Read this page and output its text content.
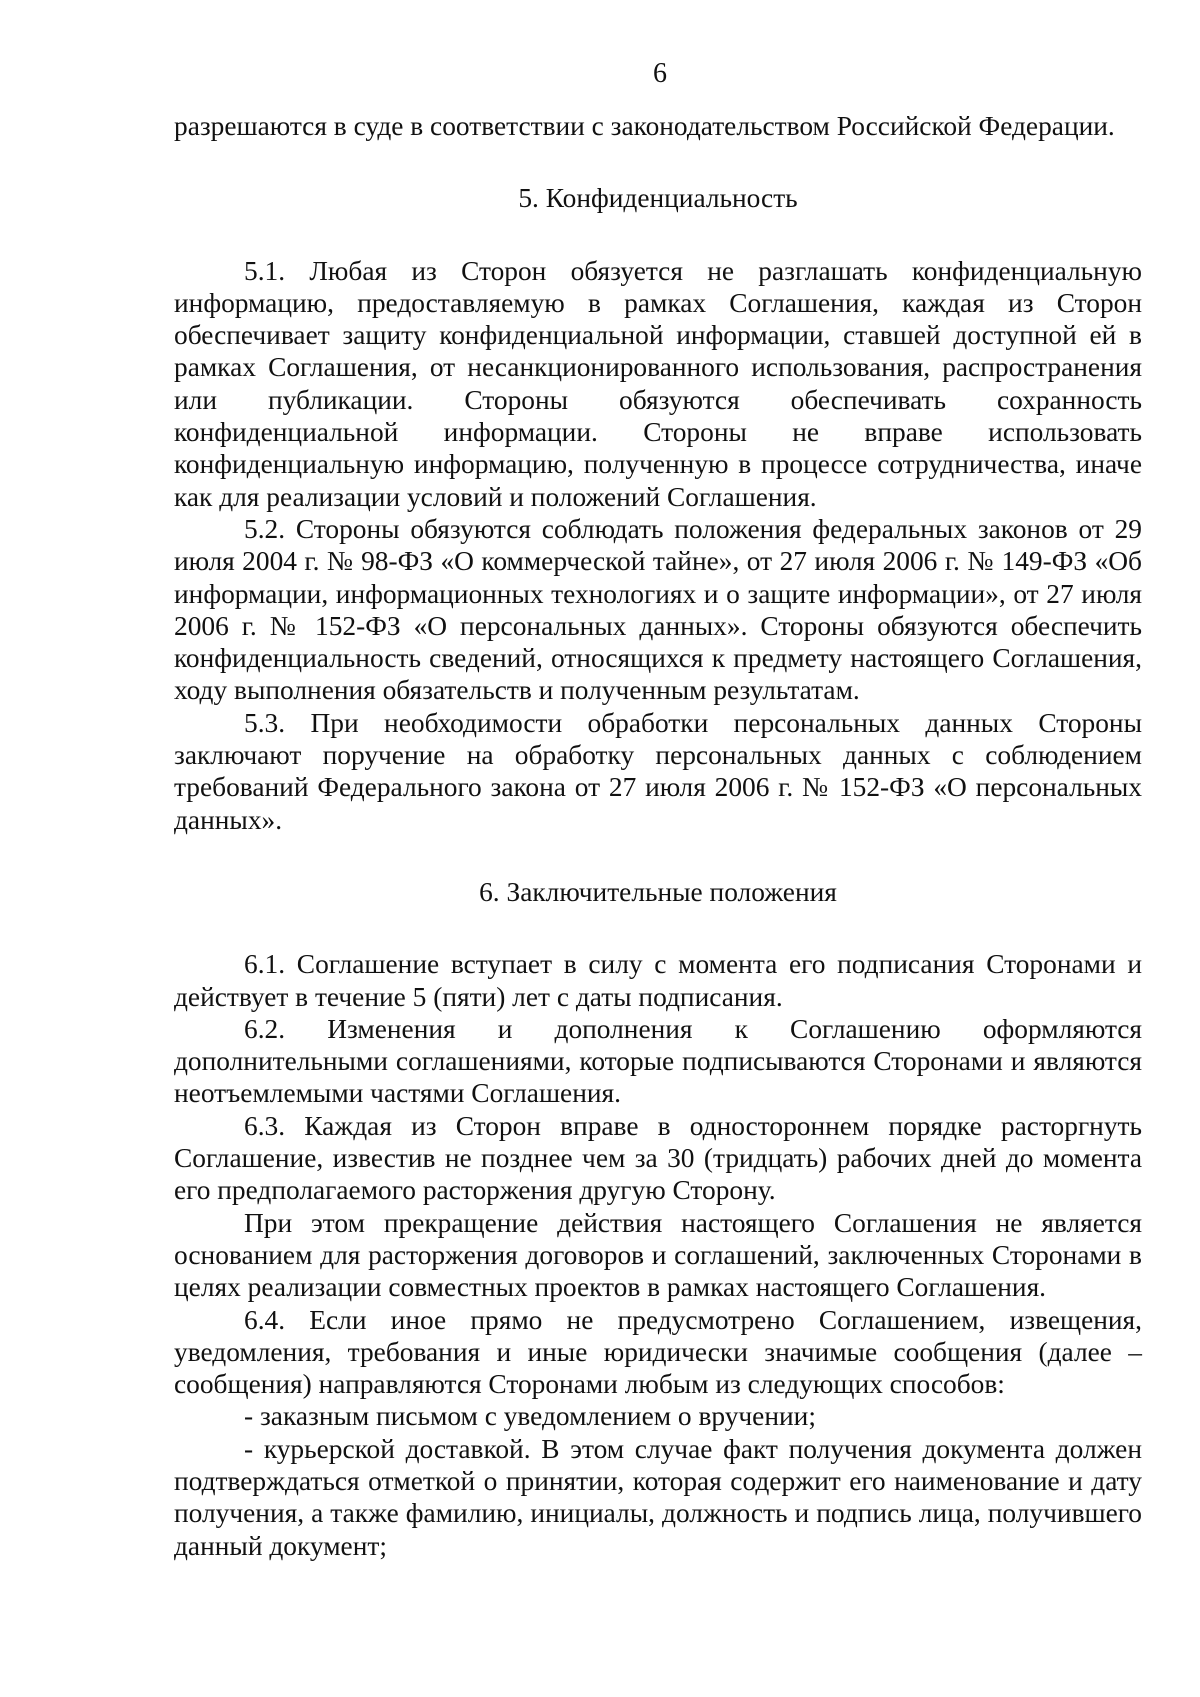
6

разрешаются в суде в соответствии с законодательством Российской Федерации.

5. Конфиденциальность

5.1. Любая из Сторон обязуется не разглашать конфиденциальную информацию, предоставляемую в рамках Соглашения, каждая из Сторон обеспечивает защиту конфиденциальной информации, ставшей доступной ей в рамках Соглашения, от несанкционированного использования, распространения или публикации. Стороны обязуются обеспечивать сохранность конфиденциальной информации. Стороны не вправе использовать конфиденциальную информацию, полученную в процессе сотрудничества, иначе как для реализации условий и положений Соглашения.

5.2. Стороны обязуются соблюдать положения федеральных законов от 29 июля 2004 г. № 98-ФЗ «О коммерческой тайне», от 27 июля 2006 г. № 149-ФЗ «Об информации, информационных технологиях и о защите информации», от 27 июля 2006 г. № 152-ФЗ «О персональных данных». Стороны обязуются обеспечить конфиденциальность сведений, относящихся к предмету настоящего Соглашения, ходу выполнения обязательств и полученным результатам.

5.3. При необходимости обработки персональных данных Стороны заключают поручение на обработку персональных данных с соблюдением требований Федерального закона от 27 июля 2006 г. № 152-ФЗ «О персональных данных».

6. Заключительные положения

6.1. Соглашение вступает в силу с момента его подписания Сторонами и действует в течение 5 (пяти) лет с даты подписания.

6.2. Изменения и дополнения к Соглашению оформляются дополнительными соглашениями, которые подписываются Сторонами и являются неотъемлемыми частями Соглашения.

6.3. Каждая из Сторон вправе в одностороннем порядке расторгнуть Соглашение, известив не позднее чем за 30 (тридцать) рабочих дней до момента его предполагаемого расторжения другую Сторону.

При этом прекращение действия настоящего Соглашения не является основанием для расторжения договоров и соглашений, заключенных Сторонами в целях реализации совместных проектов в рамках настоящего Соглашения.

6.4. Если иное прямо не предусмотрено Соглашением, извещения, уведомления, требования и иные юридически значимые сообщения (далее – сообщения) направляются Сторонами любым из следующих способов:

- заказным письмом с уведомлением о вручении;

- курьерской доставкой. В этом случае факт получения документа должен подтверждаться отметкой о принятии, которая содержит его наименование и дату получения, а также фамилию, инициалы, должность и подпись лица, получившего данный документ;
